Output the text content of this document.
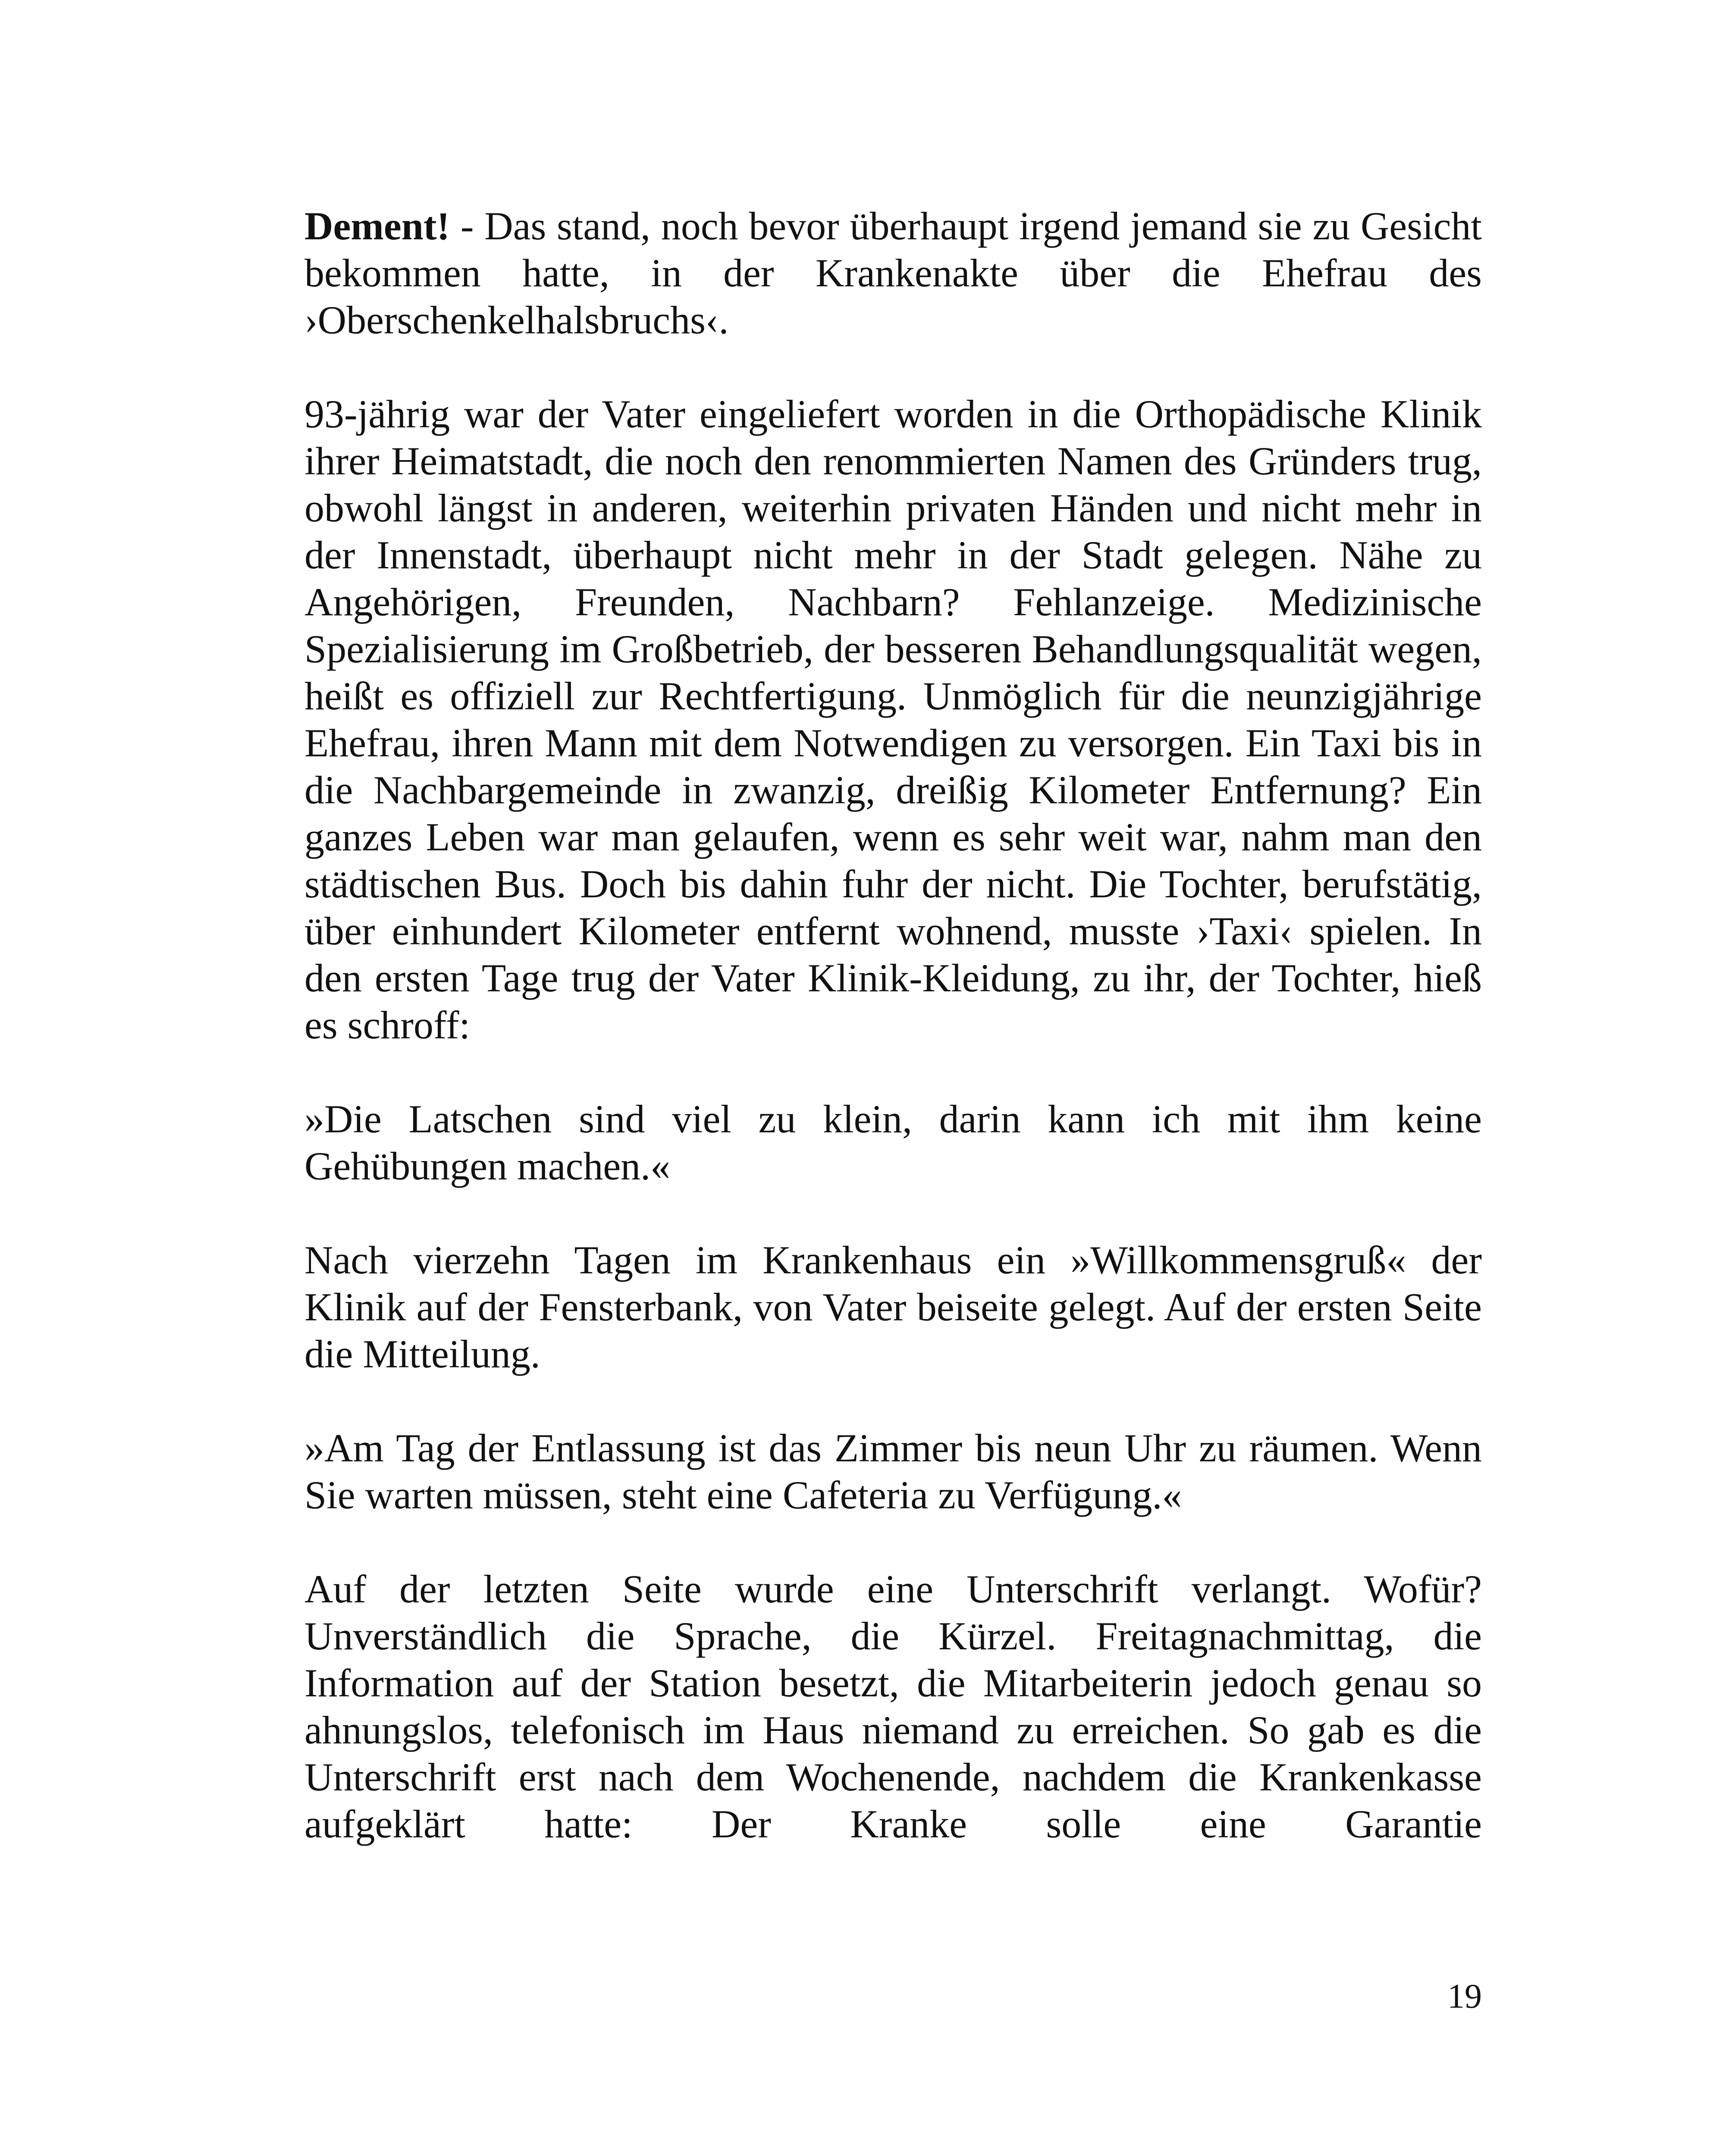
Dement! - Das stand, noch bevor überhaupt irgend jemand sie zu Gesicht bekommen hatte, in der Krankenakte über die Ehefrau des ›Oberschenkelhalsbruchs‹.

93-jährig war der Vater eingeliefert worden in die Orthopädische Klinik ihrer Heimatstadt, die noch den renommierten Namen des Gründers trug, obwohl längst in anderen, weiterhin privaten Händen und nicht mehr in der Innenstadt, überhaupt nicht mehr in der Stadt gelegen. Nähe zu Angehörigen, Freunden, Nachbarn? Fehlanzeige. Medizinische Spezialisierung im Großbetrieb, der besseren Behandlungsqualität wegen, heißt es offiziell zur Rechtfertigung. Unmöglich für die neunzigjährige Ehefrau, ihren Mann mit dem Notwendigen zu versorgen. Ein Taxi bis in die Nachbargemeinde in zwanzig, dreißig Kilometer Entfernung? Ein ganzes Leben war man gelaufen, wenn es sehr weit war, nahm man den städtischen Bus. Doch bis dahin fuhr der nicht. Die Tochter, berufstätig, über einhundert Kilometer entfernt wohnend, musste ›Taxi‹ spielen. In den ersten Tage trug der Vater Klinik-Kleidung, zu ihr, der Tochter, hieß es schroff:

»Die Latschen sind viel zu klein, darin kann ich mit ihm keine Gehübungen machen.«

Nach vierzehn Tagen im Krankenhaus ein »Willkommensgruß« der Klinik auf der Fensterbank, von Vater beiseite gelegt. Auf der ersten Seite die Mitteilung.

»Am Tag der Entlassung ist das Zimmer bis neun Uhr zu räumen. Wenn Sie warten müssen, steht eine Cafeteria zu Verfügung.«

Auf der letzten Seite wurde eine Unterschrift verlangt. Wofür? Unverständlich die Sprache, die Kürzel. Freitagnachmittag, die Information auf der Station besetzt, die Mitarbeiterin jedoch genau so ahnungslos, telefonisch im Haus niemand zu erreichen. So gab es die Unterschrift erst nach dem Wochenende, nachdem die Krankenkasse aufgeklärt hatte: Der Kranke solle eine Garantie

19
